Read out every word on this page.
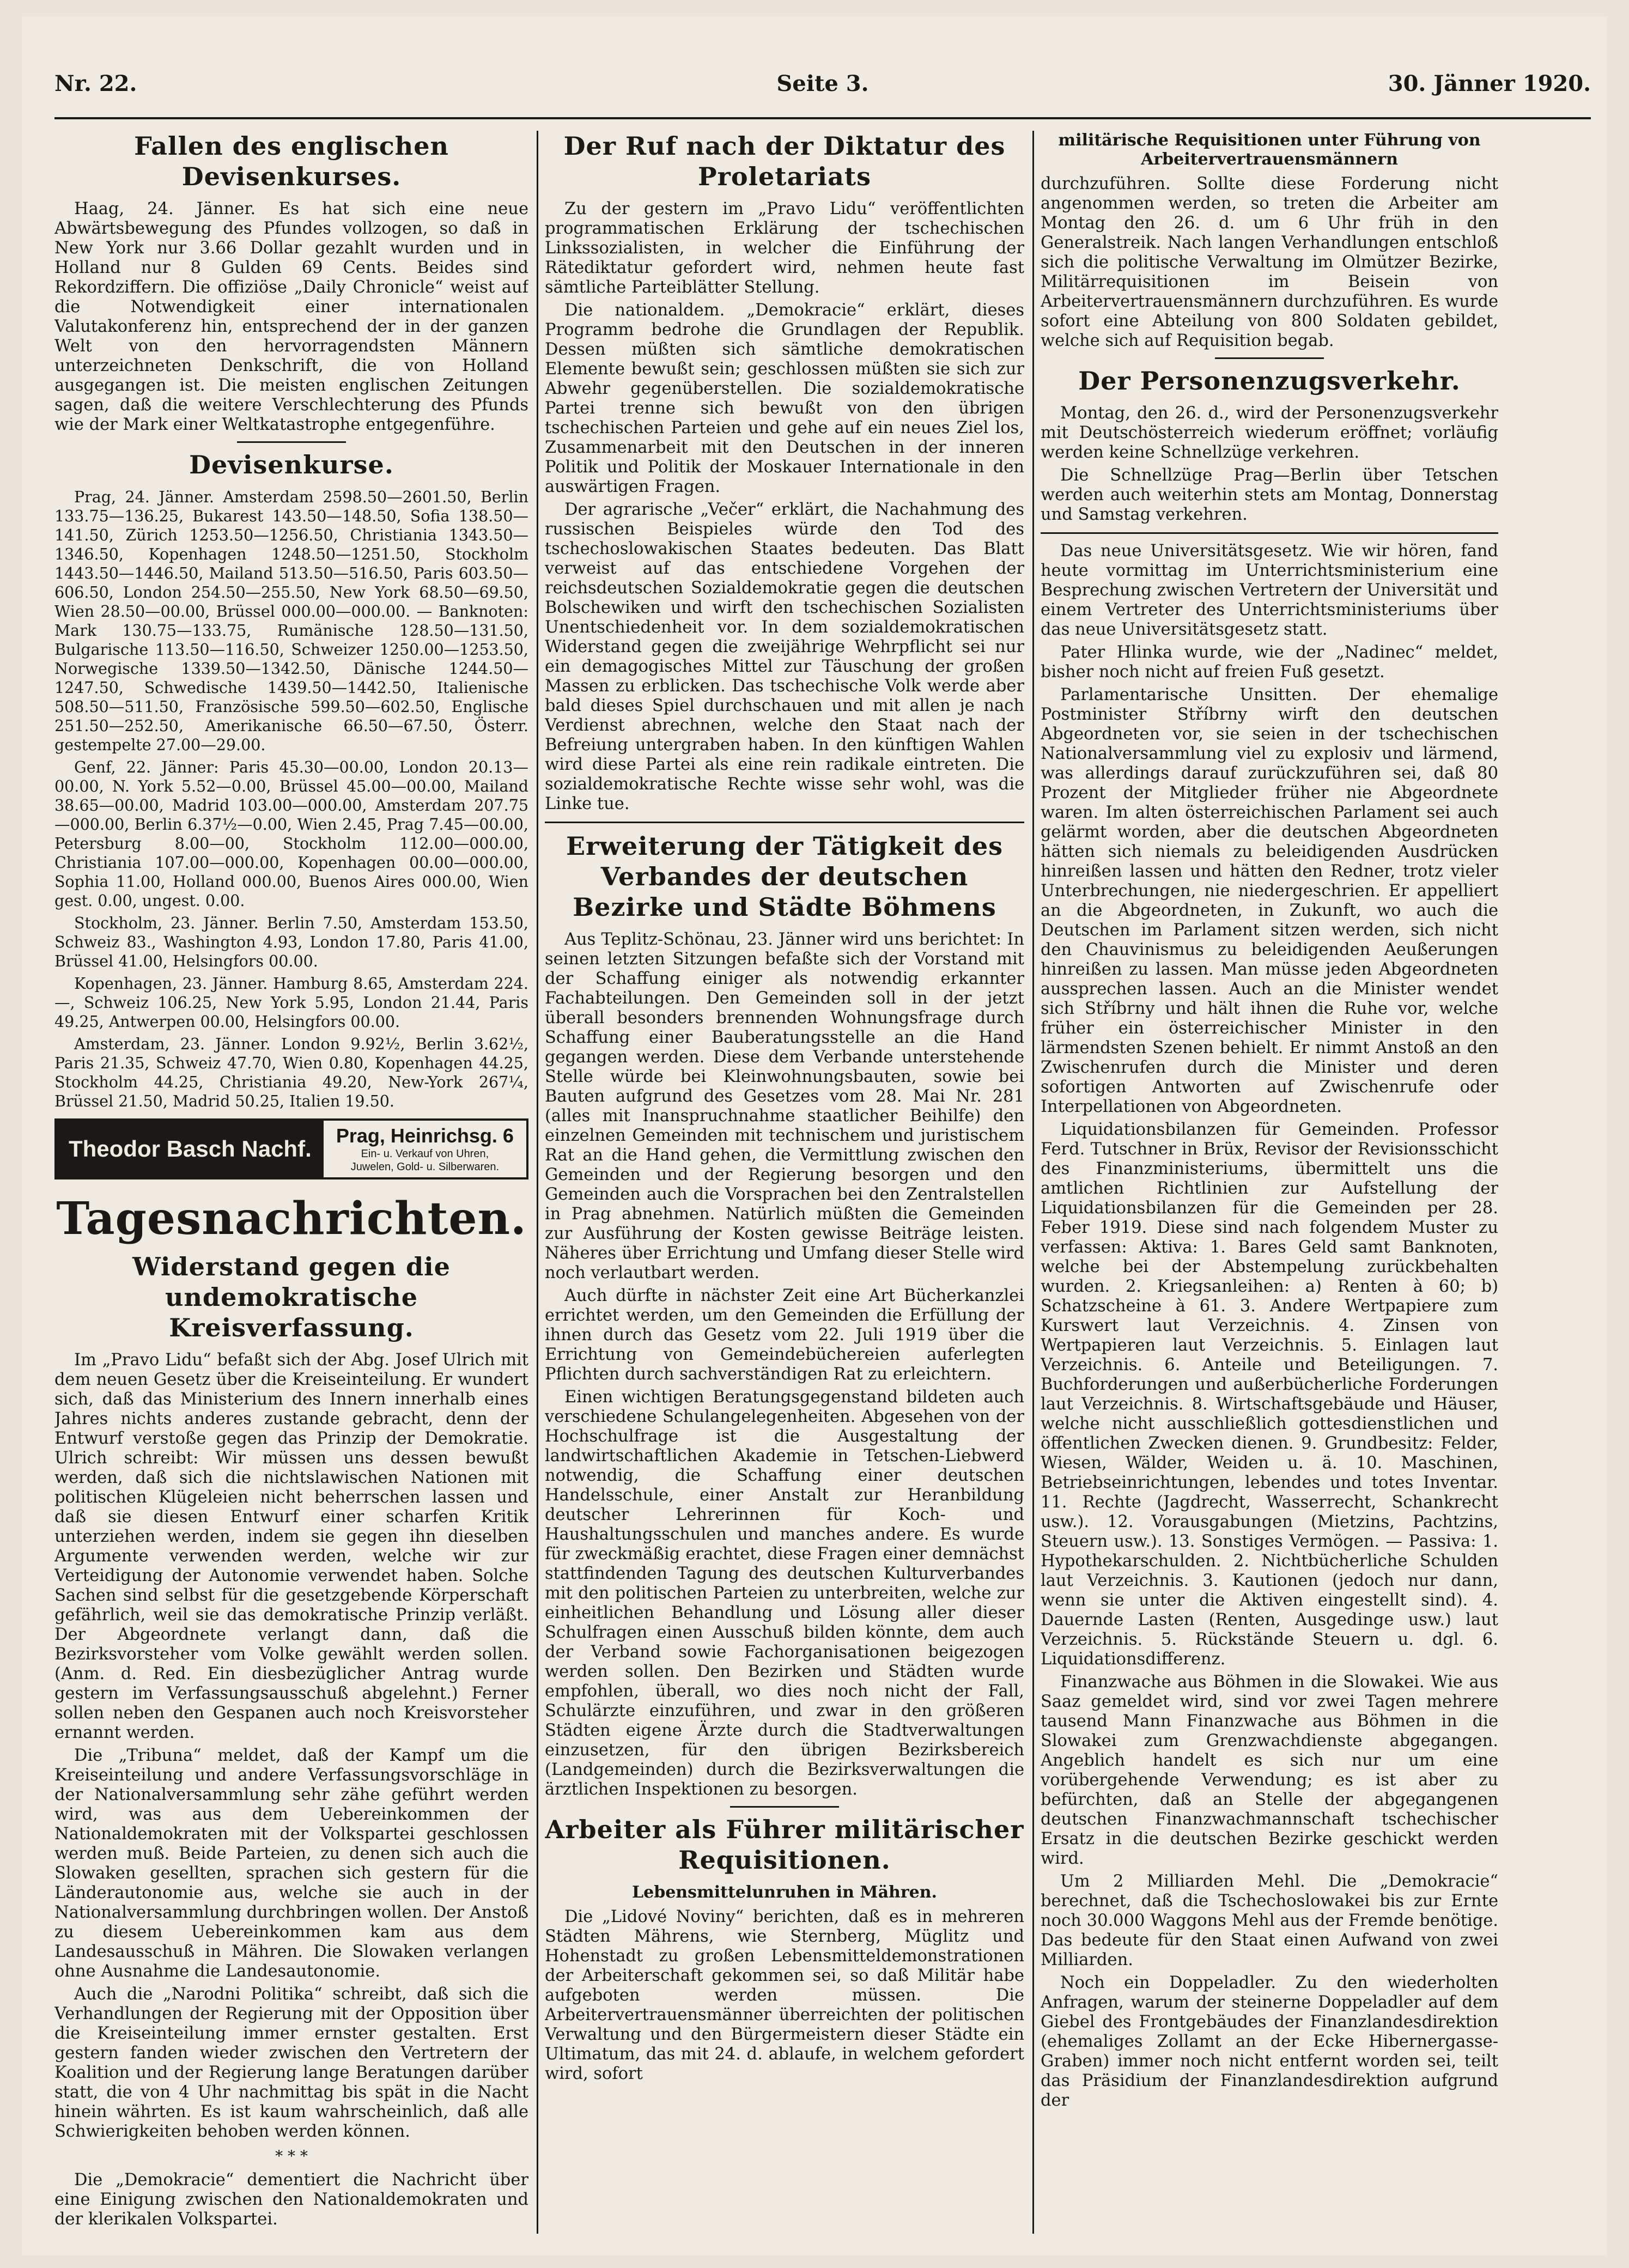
Nr. 22.	Seite 3.	30. Jänner 1920.
Fallen des englischen Devisenkurses.

Haag, 24. Jänner. Es hat sich eine neue Abwärtsbewegung des Pfundes vollzogen, so daß in New York nur 3.66 Dollar gezahlt wurden und in Holland nur 8 Gulden 69 Cents. Beides sind Rekordziffern. Die offiziöse „Daily Chronicle“ weist auf die Notwendigkeit einer internationalen Valutakonferenz hin, entsprechend der in der ganzen Welt von den hervorragendsten Männern unterzeichneten Denkschrift, die von Holland ausgegangen ist. Die meisten englischen Zeitungen sagen, daß die weitere Verschlechterung des Pfunds wie der Mark einer Weltkatastrophe entgegenführe.

Devisenkurse.

Prag, 24. Jänner. Amsterdam 2598.50—2601.50, Berlin 133.75—136.25, Bukarest 143.50—148.50, Sofia 138.50—141.50, Zürich 1253.50—1256.50, Christiania 1343.50—1346.50, Kopenhagen 1248.50—1251.50, Stockholm 1443.50—1446.50, Mailand 513.50—516.50, Paris 603.50—606.50, London 254.50—255.50, New York 68.50—69.50, Wien 28.50—00.00, Brüssel 000.00—000.00. — Banknoten: Mark 130.75—133.75, Rumänische 128.50—131.50, Bulgarische 113.50—116.50, Schweizer 1250.00—1253.50, Norwegische 1339.50—1342.50, Dänische 1244.50—1247.50, Schwedische 1439.50—1442.50, Italienische 508.50—511.50, Französische 599.50—602.50, Englische 251.50—252.50, Amerikanische 66.50—67.50, Österr. gestempelte 27.00—29.00.

Genf, 22. Jänner: Paris 45.30—00.00, London 20.13—00.00, N. York 5.52—0.00, Brüssel 45.00—00.00, Mailand 38.65—00.00, Madrid 103.00—000.00, Amsterdam 207.75—000.00, Berlin 6.37½—0.00, Wien 2.45, Prag 7.45—00.00, Petersburg 8.00—00, Stockholm 112.00—000.00, Christiania 107.00—000.00, Kopenhagen 00.00—000.00, Sophia 11.00, Holland 000.00, Buenos Aires 000.00, Wien gest. 0.00, ungest. 0.00.

Stockholm, 23. Jänner. Berlin 7.50, Amsterdam 153.50, Schweiz 83., Washington 4.93, London 17.80, Paris 41.00, Brüssel 41.00, Helsingfors 00.00.

Kopenhagen, 23. Jänner. Hamburg 8.65, Amsterdam 224.—, Schweiz 106.25, New York 5.95, London 21.44, Paris 49.25, Antwerpen 00.00, Helsingfors 00.00.

Amsterdam, 23. Jänner. London 9.92½, Berlin 3.62½, Paris 21.35, Schweiz 47.70, Wien 0.80, Kopenhagen 44.25, Stockholm 44.25, Christiania 49.20, New-York 267¼, Brüssel 21.50, Madrid 50.25, Italien 19.50.

Theodor Basch Nachf.
Prag, Heinrichsg. 6
Ein- u. Verkauf von Uhren,
Juwelen, Gold- u. Silberwaren.
Tagesnachrichten.
Widerstand gegen die undemokratische Kreisverfassung.

Im „Pravo Lidu“ befaßt sich der Abg. Josef Ulrich mit dem neuen Gesetz über die Kreiseinteilung. Er wundert sich, daß das Ministerium des Innern innerhalb eines Jahres nichts anderes zustande gebracht, denn der Entwurf verstoße gegen das Prinzip der Demokratie. Ulrich schreibt: Wir müssen uns dessen bewußt werden, daß sich die nichtslawischen Nationen mit politischen Klügeleien nicht beherrschen lassen und daß sie diesen Entwurf einer scharfen Kritik unterziehen werden, indem sie gegen ihn dieselben Argumente verwenden werden, welche wir zur Verteidigung der Autonomie verwendet haben. Solche Sachen sind selbst für die gesetzgebende Körperschaft gefährlich, weil sie das demokratische Prinzip verläßt. Der Abgeordnete verlangt dann, daß die Bezirksvorsteher vom Volke gewählt werden sollen. (Anm. d. Red. Ein diesbezüglicher Antrag wurde gestern im Verfassungsausschuß abgelehnt.) Ferner sollen neben den Gespanen auch noch Kreisvorsteher ernannt werden.

Die „Tribuna“ meldet, daß der Kampf um die Kreiseinteilung und andere Verfassungsvorschläge in der Nationalversammlung sehr zähe geführt werden wird, was aus dem Uebereinkommen der Nationaldemokraten mit der Volkspartei geschlossen werden muß. Beide Parteien, zu denen sich auch die Slowaken gesellten, sprachen sich gestern für die Länderautonomie aus, welche sie auch in der Nationalversammlung durchbringen wollen. Der Anstoß zu diesem Uebereinkommen kam aus dem Landesausschuß in Mähren. Die Slowaken verlangen ohne Ausnahme die Landesautonomie.

Auch die „Narodni Politika“ schreibt, daß sich die Verhandlungen der Regierung mit der Opposition über die Kreiseinteilung immer ernster gestalten. Erst gestern fanden wieder zwischen den Vertretern der Koalition und der Regierung lange Beratungen darüber statt, die von 4 Uhr nachmittag bis spät in die Nacht hinein währten. Es ist kaum wahrscheinlich, daß alle Schwierigkeiten behoben werden können.

* * *

Die „Demokracie“ dementiert die Nachricht über eine Einigung zwischen den Nationaldemokraten und der klerikalen Volkspartei.

Der Ruf nach der Diktatur des Proletariats

Zu der gestern im „Pravo Lidu“ veröffentlichten programmatischen Erklärung der tschechischen Linkssozialisten, in welcher die Einführung der Rätediktatur gefordert wird, nehmen heute fast sämtliche Parteiblätter Stellung.

Die nationaldem. „Demokracie“ erklärt, dieses Programm bedrohe die Grundlagen der Republik. Dessen müßten sich sämtliche demokratischen Elemente bewußt sein; geschlossen müßten sie sich zur Abwehr gegenüberstellen. Die sozialdemokratische Partei trenne sich bewußt von den übrigen tschechischen Parteien und gehe auf ein neues Ziel los, Zusammenarbeit mit den Deutschen in der inneren Politik und Politik der Moskauer Internationale in den auswärtigen Fragen.

Der agrarische „Večer“ erklärt, die Nachahmung des russischen Beispieles würde den Tod des tschechoslowakischen Staates bedeuten. Das Blatt verweist auf das entschiedene Vorgehen der reichsdeutschen Sozialdemokratie gegen die deutschen Bolschewiken und wirft den tschechischen Sozialisten Unentschiedenheit vor. In dem sozialdemokratischen Widerstand gegen die zweijährige Wehrpflicht sei nur ein demagogisches Mittel zur Täuschung der großen Massen zu erblicken. Das tschechische Volk werde aber bald dieses Spiel durchschauen und mit allen je nach Verdienst abrechnen, welche den Staat nach der Befreiung untergraben haben. In den künftigen Wahlen wird diese Partei als eine rein radikale eintreten. Die sozialdemokratische Rechte wisse sehr wohl, was die Linke tue.

Erweiterung der Tätigkeit des Verbandes der deutschen Bezirke und Städte Böhmens

Aus Teplitz-Schönau, 23. Jänner wird uns berichtet: In seinen letzten Sitzungen befaßte sich der Vorstand mit der Schaffung einiger als notwendig erkannter Fachabteilungen. Den Gemeinden soll in der jetzt überall besonders brennenden Wohnungsfrage durch Schaffung einer Bauberatungsstelle an die Hand gegangen werden. Diese dem Verbande unterstehende Stelle würde bei Kleinwohnungsbauten, sowie bei Bauten aufgrund des Gesetzes vom 28. Mai Nr. 281 (alles mit Inanspruchnahme staatlicher Beihilfe) den einzelnen Gemeinden mit technischem und juristischem Rat an die Hand gehen, die Vermittlung zwischen den Gemeinden und der Regierung besorgen und den Gemeinden auch die Vorsprachen bei den Zentralstellen in Prag abnehmen. Natürlich müßten die Gemeinden zur Ausführung der Kosten gewisse Beiträge leisten. Näheres über Errichtung und Umfang dieser Stelle wird noch verlautbart werden.

Auch dürfte in nächster Zeit eine Art Bücherkanzlei errichtet werden, um den Gemeinden die Erfüllung der ihnen durch das Gesetz vom 22. Juli 1919 über die Errichtung von Gemeindebüchereien auferlegten Pflichten durch sachverständigen Rat zu erleichtern.

Einen wichtigen Beratungsgegenstand bildeten auch verschiedene Schulangelegenheiten. Abgesehen von der Hochschulfrage ist die Ausgestaltung der landwirtschaftlichen Akademie in Tetschen-Liebwerd notwendig, die Schaffung einer deutschen Handelsschule, einer Anstalt zur Heranbildung deutscher Lehrerinnen für Koch- und Haushaltungsschulen und manches andere. Es wurde für zweckmäßig erachtet, diese Fragen einer demnächst stattfindenden Tagung des deutschen Kulturverbandes mit den politischen Parteien zu unterbreiten, welche zur einheitlichen Behandlung und Lösung aller dieser Schulfragen einen Ausschuß bilden könnte, dem auch der Verband sowie Fachorganisationen beigezogen werden sollen. Den Bezirken und Städten wurde empfohlen, überall, wo dies noch nicht der Fall, Schulärzte einzuführen, und zwar in den größeren Städten eigene Ärzte durch die Stadtverwaltungen einzusetzen, für den übrigen Bezirksbereich (Landgemeinden) durch die Bezirksverwaltungen die ärztlichen Inspektionen zu besorgen.

Arbeiter als Führer militärischer Requisitionen.
Lebensmittelunruhen in Mähren.

Die „Lidové Noviny“ berichten, daß es in mehreren Städten Mährens, wie Sternberg, Müglitz und Hohenstadt zu großen Lebensmitteldemonstrationen der Arbeiterschaft gekommen sei, so daß Militär habe aufgeboten werden müssen. Die Arbeitervertrauensmänner überreichten der politischen Verwaltung und den Bürgermeistern dieser Städte ein Ultimatum, das mit 24. d. ablaufe, in welchem gefordert wird, sofort

militärische Requisitionen unter Führung von Arbeitervertrauensmännern

durchzuführen. Sollte diese Forderung nicht angenommen werden, so treten die Arbeiter am Montag den 26. d. um 6 Uhr früh in den Generalstreik. Nach langen Verhandlungen entschloß sich die politische Verwaltung im Olmützer Bezirke, Militärrequisitionen im Beisein von Arbeitervertrauensmännern durchzuführen. Es wurde sofort eine Abteilung von 800 Soldaten gebildet, welche sich auf Requisition begab.

Der Personenzugsverkehr.

Montag, den 26. d., wird der Personenzugsverkehr mit Deutschösterreich wiederum eröffnet; vorläufig werden keine Schnellzüge verkehren.

Die Schnellzüge Prag—Berlin über Tetschen werden auch weiterhin stets am Montag, Donnerstag und Samstag verkehren.

Das neue Universitätsgesetz. Wie wir hören, fand heute vormittag im Unterrichtsministerium eine Besprechung zwischen Vertretern der Universität und einem Vertreter des Unterrichtsministeriums über das neue Universitätsgesetz statt.

Pater Hlinka wurde, wie der „Nadinec“ meldet, bisher noch nicht auf freien Fuß gesetzt.

Parlamentarische Unsitten. Der ehemalige Postminister Stříbrny wirft den deutschen Abgeordneten vor, sie seien in der tschechischen Nationalversammlung viel zu explosiv und lärmend, was allerdings darauf zurückzuführen sei, daß 80 Prozent der Mitglieder früher nie Abgeordnete waren. Im alten österreichischen Parlament sei auch gelärmt worden, aber die deutschen Abgeordneten hätten sich niemals zu beleidigenden Ausdrücken hinreißen lassen und hätten den Redner, trotz vieler Unterbrechungen, nie niedergeschrien. Er appelliert an die Abgeordneten, in Zukunft, wo auch die Deutschen im Parlament sitzen werden, sich nicht den Chauvinismus zu beleidigenden Aeußerungen hinreißen zu lassen. Man müsse jeden Abgeordneten aussprechen lassen. Auch an die Minister wendet sich Stříbrny und hält ihnen die Ruhe vor, welche früher ein österreichischer Minister in den lärmendsten Szenen behielt. Er nimmt Anstoß an den Zwischenrufen durch die Minister und deren sofortigen Antworten auf Zwischenrufe oder Interpellationen von Abgeordneten.

Liquidationsbilanzen für Gemeinden. Professor Ferd. Tutschner in Brüx, Revisor der Revisionsschicht des Finanzministeriums, übermittelt uns die amtlichen Richtlinien zur Aufstellung der Liquidationsbilanzen für die Gemeinden per 28. Feber 1919. Diese sind nach folgendem Muster zu verfassen: Aktiva: 1. Bares Geld samt Banknoten, welche bei der Abstempelung zurückbehalten wurden. 2. Kriegsanleihen: a) Renten à 60; b) Schatzscheine à 61. 3. Andere Wertpapiere zum Kurswert laut Verzeichnis. 4. Zinsen von Wertpapieren laut Verzeichnis. 5. Einlagen laut Verzeichnis. 6. Anteile und Beteiligungen. 7. Buchforderungen und außerbücherliche Forderungen laut Verzeichnis. 8. Wirtschaftsgebäude und Häuser, welche nicht ausschließlich gottesdienstlichen und öffentlichen Zwecken dienen. 9. Grundbesitz: Felder, Wiesen, Wälder, Weiden u. ä. 10. Maschinen, Betriebseinrichtungen, lebendes und totes Inventar. 11. Rechte (Jagdrecht, Wasserrecht, Schankrecht usw.). 12. Vorausgabungen (Mietzins, Pachtzins, Steuern usw.). 13. Sonstiges Vermögen. — Passiva: 1. Hypothekarschulden. 2. Nichtbücherliche Schulden laut Verzeichnis. 3. Kautionen (jedoch nur dann, wenn sie unter die Aktiven eingestellt sind). 4. Dauernde Lasten (Renten, Ausgedinge usw.) laut Verzeichnis. 5. Rückstände Steuern u. dgl. 6. Liquidationsdifferenz.

Finanzwache aus Böhmen in die Slowakei. Wie aus Saaz gemeldet wird, sind vor zwei Tagen mehrere tausend Mann Finanzwache aus Böhmen in die Slowakei zum Grenzwachdienste abgegangen. Angeblich handelt es sich nur um eine vorübergehende Verwendung; es ist aber zu befürchten, daß an Stelle der abgegangenen deutschen Finanzwachmannschaft tschechischer Ersatz in die deutschen Bezirke geschickt werden wird.

Um 2 Milliarden Mehl. Die „Demokracie“ berechnet, daß die Tschechoslowakei bis zur Ernte noch 30.000 Waggons Mehl aus der Fremde benötige. Das bedeute für den Staat einen Aufwand von zwei Milliarden.

Noch ein Doppeladler. Zu den wiederholten Anfragen, warum der steinerne Doppeladler auf dem Giebel des Frontgebäudes der Finanzlandesdirektion (ehemaliges Zollamt an der Ecke Hibernergasse-Graben) immer noch nicht entfernt worden sei, teilt das Präsidium der Finanzlandesdirektion aufgrund der
